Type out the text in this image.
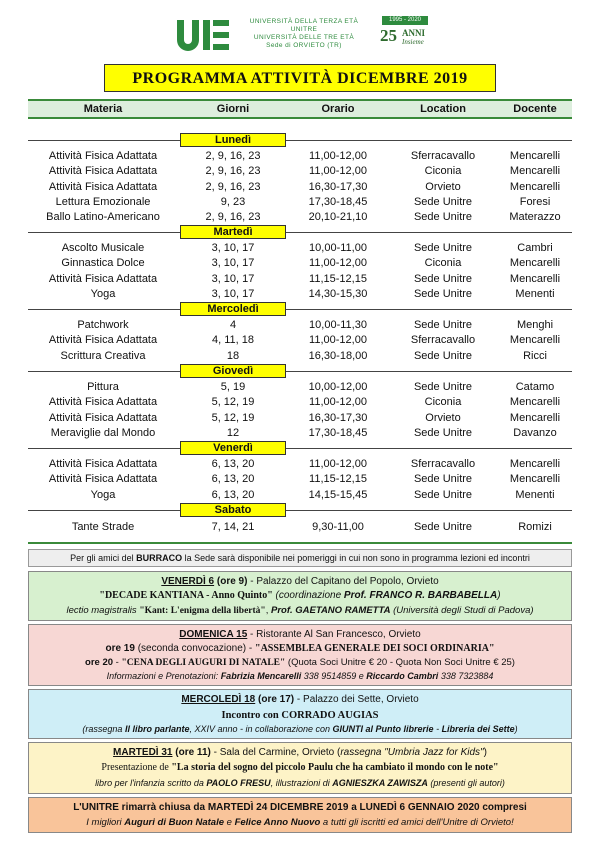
UNIVERSITÀ DELLA TERZA ETÀ
UNITRE
UNIVERSITÀ DELLE TRE ETÀ
Sede di ORVIETO (TR)
1995 - 2020
25 ANNI
Insieme
PROGRAMMA ATTIVITÀ DICEMBRE 2019
Materia	Giorni	Orario	Location	Docente
Lunedì
Attività Fisica Adattata	2, 9, 16, 23	11,00-12,00	Sferracavallo	Mencarelli
Attività Fisica Adattata	2, 9, 16, 23	11,00-12,00	Ciconia	Mencarelli
Attività Fisica Adattata	2, 9, 16, 23	16,30-17,30	Orvieto	Mencarelli
Lettura Emozionale	9, 23	17,30-18,45	Sede Unitre	Foresi
Ballo Latino-Americano	2, 9, 16, 23	20,10-21,10	Sede Unitre	Materazzo
Martedì
Ascolto Musicale	3, 10, 17	10,00-11,00	Sede Unitre	Cambri
Ginnastica Dolce	3, 10, 17	11,00-12,00	Ciconia	Mencarelli
Attività Fisica Adattata	3, 10, 17	11,15-12,15	Sede Unitre	Mencarelli
Yoga	3, 10, 17	14,30-15,30	Sede Unitre	Menenti
Mercoledì
Patchwork	4	10,00-11,30	Sede Unitre	Menghi
Attività Fisica Adattata	4, 11, 18	11,00-12,00	Sferracavallo	Mencarelli
Scrittura Creativa	18	16,30-18,00	Sede Unitre	Ricci
Giovedì
Pittura	5, 19	10,00-12,00	Sede Unitre	Catamo
Attività Fisica Adattata	5, 12, 19	11,00-12,00	Ciconia	Mencarelli
Attività Fisica Adattata	5, 12, 19	16,30-17,30	Orvieto	Mencarelli
Meraviglie dal Mondo	12	17,30-18,45	Sede Unitre	Davanzo
Venerdì
Attività Fisica Adattata	6, 13, 20	11,00-12,00	Sferracavallo	Mencarelli
Attività Fisica Adattata	6, 13, 20	11,15-12,15	Sede Unitre	Mencarelli
Yoga	6, 13, 20	14,15-15,45	Sede Unitre	Menenti
Sabato
Tante Strade	7, 14, 21	9,30-11,00	Sede Unitre	Romizi
Per gli amici del BURRACO la Sede sarà disponibile nei pomeriggi in cui non sono in programma lezioni ed incontri
VENERDÌ 6 (ore 9) - Palazzo del Capitano del Popolo, Orvieto
"DECADE KANTIANA - Anno Quinto" (coordinazione Prof. FRANCO R. BARBABELLA)
lectio magistralis "Kant: L'enigma della libertà", Prof. GAETANO RAMETTA (Università degli Studi di Padova)
DOMENICA 15 - Ristorante Al San Francesco, Orvieto
ore 19 (seconda convocazione) - "ASSEMBLEA GENERALE DEI SOCI ORDINARIA"
ore 20 - "CENA DEGLI AUGURI DI NATALE" (Quota Soci Unitre € 20 - Quota Non Soci Unitre € 25)
Informazioni e Prenotazioni: Fabrizia Mencarelli 338 9514859 e Riccardo Cambri 338 7323884
MERCOLEDÌ 18 (ore 17) - Palazzo dei Sette, Orvieto
Incontro con CORRADO AUGIAS
(rassegna Il libro parlante, XXIV anno - in collaborazione con GIUNTI al Punto librerie - Libreria dei Sette)
MARTEDÌ 31 (ore 11) - Sala del Carmine, Orvieto (rassegna "Umbria Jazz for Kids")
Presentazione de "La storia del sogno del piccolo Paulu che ha cambiato il mondo con le note"
libro per l'infanzia scritto da PAOLO FRESU, illustrazioni di AGNIESZKA ZAWISZA (presenti gli autori)
L'UNITRE rimarrà chiusa da MARTEDÌ 24 DICEMBRE 2019 a LUNEDÌ 6 GENNAIO 2020 compresi
I migliori Auguri di Buon Natale e Felice Anno Nuovo a tutti gli iscritti ed amici dell'Unitre di Orvieto!
